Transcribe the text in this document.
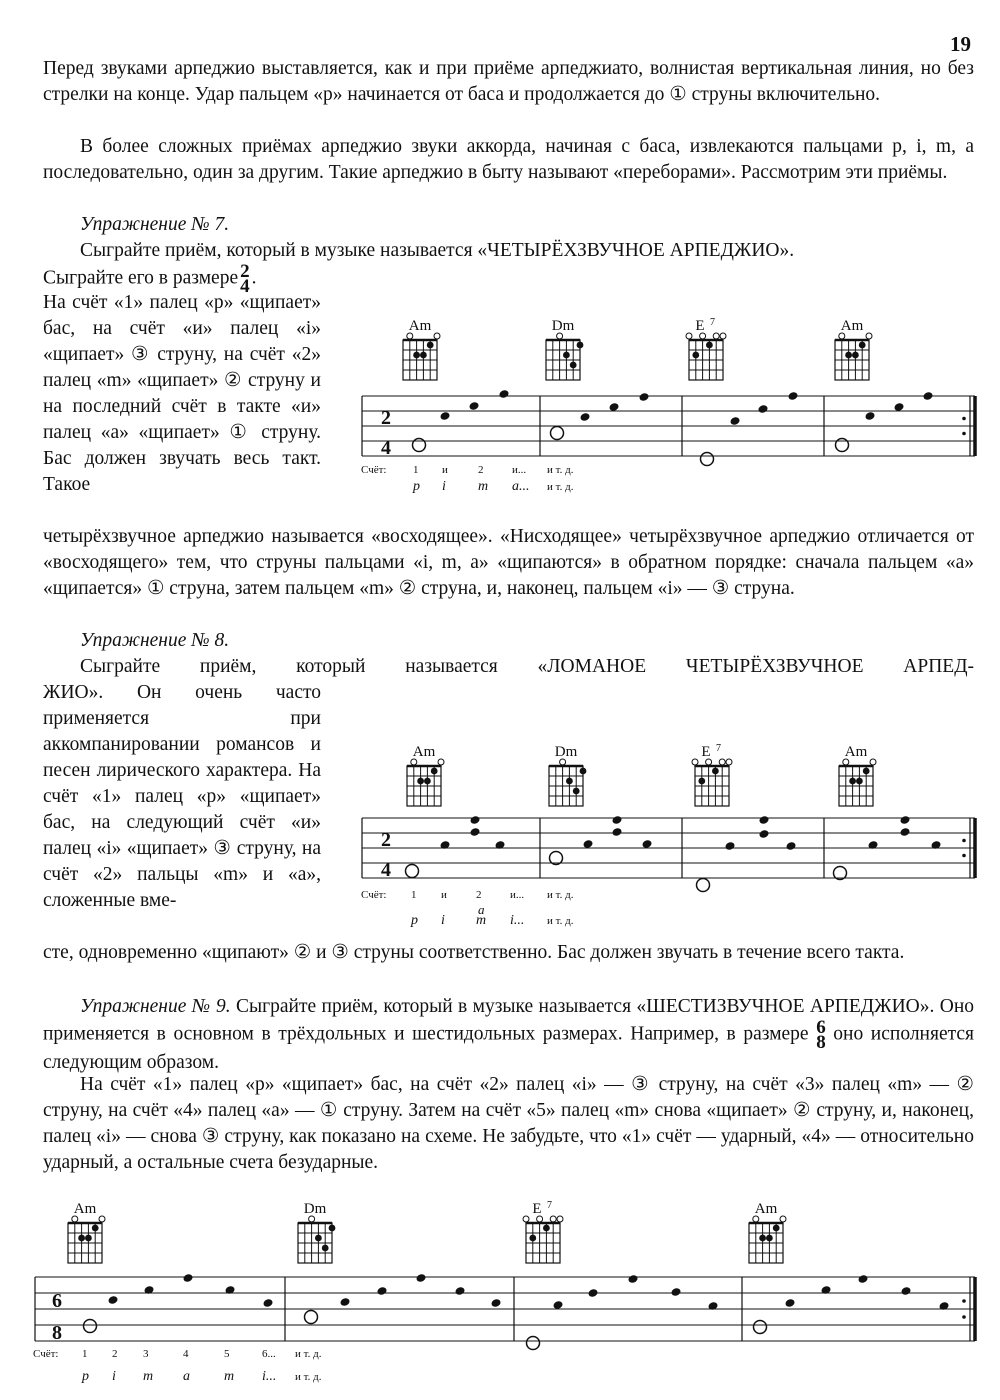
19

Перед звуками арпеджио выставляется, как и при приёме арпеджиато, волнистая вертикальная линия, но без стрелки на конце. Удар пальцем «p» начинается от баса и продолжается до ① струны включительно.

В более сложных приёмах арпеджио звуки аккорда, начиная с баса, извлекаются пальцами p, i, m, a последовательно, один за другим. Такие арпеджио в быту называют «переборами». Рассмотрим эти приёмы.

Упражнение № 7.

Сыграйте приём, который в музыке называется «ЧЕТЫРЁХЗВУЧНОЕ АРПЕДЖИО».

Сыграйте его в размере 2
4 .

На счёт «1» палец «p» «щипает» бас, на счёт «и» палец «i» «щипает» ③ струну, на счёт «2» палец «m» «щипает» ② струну и на последний счёт в такте «и» палец «a» «щипает» ① струну. Бас должен звучать весь такт. Такое

четырёхзвучное арпеджио называется «восходящее». «Нисходящее» четырёхзвучное арпеджио отличается от «восходящего» тем, что струны пальцами «i, m, a» «щипаются» в обратном порядке: сначала пальцем «a» «щипается» ① струна, затем пальцем «m» ② струна, и, наконец, пальцем «i» — ③ струна.

2
4
Am	Dm	E 7	Am
Счёт: 1 и	2	и... и т. д.
p i m a... и т. д.

Упражнение № 8.

Сыграйте приём, который называется «ЛОМАНОЕ ЧЕТЫРЁХЗВУЧНОЕ АРПЕД-

ЖИО». Он очень часто применяется при аккомпанировании романсов и песен лирического характера. На счёт «1» палец «p» «щипает» бас, на следующий счёт «и» палец «i» «щипает» ③ струну, на счёт «2» пальцы «m» и «a», сложенные вме-

сте, одновременно «щипают» ② и ③ струны соответственно. Бас должен звучать в течение всего такта.

2
4
Am	Dm	E 7	Am
Счёт: 1 и	2	и... и т. д.
p i m i... и т. д.
a

Упражнение № 9. Сыграйте приём, который в музыке называется «ШЕСТИЗВУЧНОЕ АРПЕДЖИО». Оно применяется в основном в трёхдольных и шестидольных размерах. Например, в размере 6
8 оно исполняется следующим образом.

На счёт «1» палец «p» «щипает» бас, на счёт «2» палец «i» — ③ струну, на счёт «3» палец «m» — ② струну, на счёт «4» палец «a» — ① струну. Затем на счёт «5» палец «m» снова «щипает» ② струну, и, наконец, палец «i» — снова ③ струну, как показано на схеме. Не забудьте, что «1» счёт — ударный, «4» — относительно ударный, а остальные счета безударные.

6
8
Am	Dm	E 7	Am
Счёт: 1 2 3	4	5	6... и т. д.
p i m a m i... и т. д.
